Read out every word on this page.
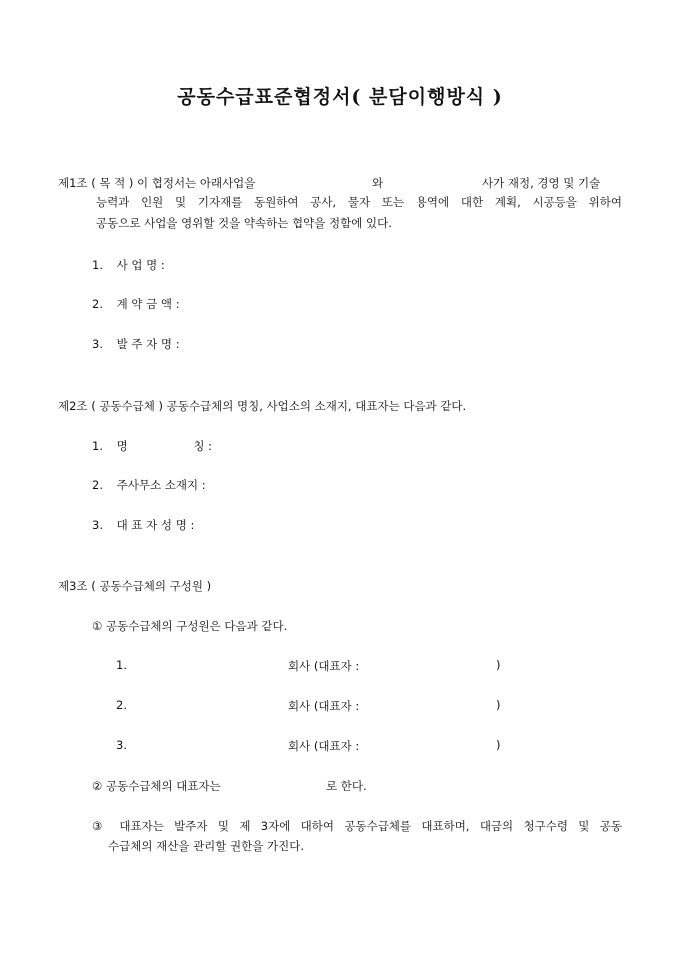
공동수급표준협정서( 분담이행방식 )
제1조 ( 목 적 ) 이 협정서는 아래사업을	와	사가 재정, 경영 및 기술
능력과 인원 및 기자재를 동원하여 공사, 물자 또는 용역에 대한 계획, 시공등을 위하여
공동으로 사업을 영위할 것을 약속하는 협약을 정함에 있다.
1. 사 업 명 :
2. 계 약 금 액 :
3. 발 주 자 명 :
제2조 ( 공동수급체 ) 공동수급체의 명칭, 사업소의 소재지, 대표자는 다음과 같다.
1. 명	칭 :
2. 주사무소 소재지 :
3. 대 표 자 성 명 :
제3조 ( 공동수급체의 구성원 )
① 공동수급체의 구성원은 다음과 같다.
1.	회사 (대표자 :	)
2.	회사 (대표자 :	)
3.	회사 (대표자 :	)
② 공동수급체의 대표자는	로 한다.
③ 대표자는 발주자 및 제 3자에 대하여 공동수급체를 대표하며, 대금의 청구수령 및 공동
수급체의 재산을 관리할 권한을 가진다.
